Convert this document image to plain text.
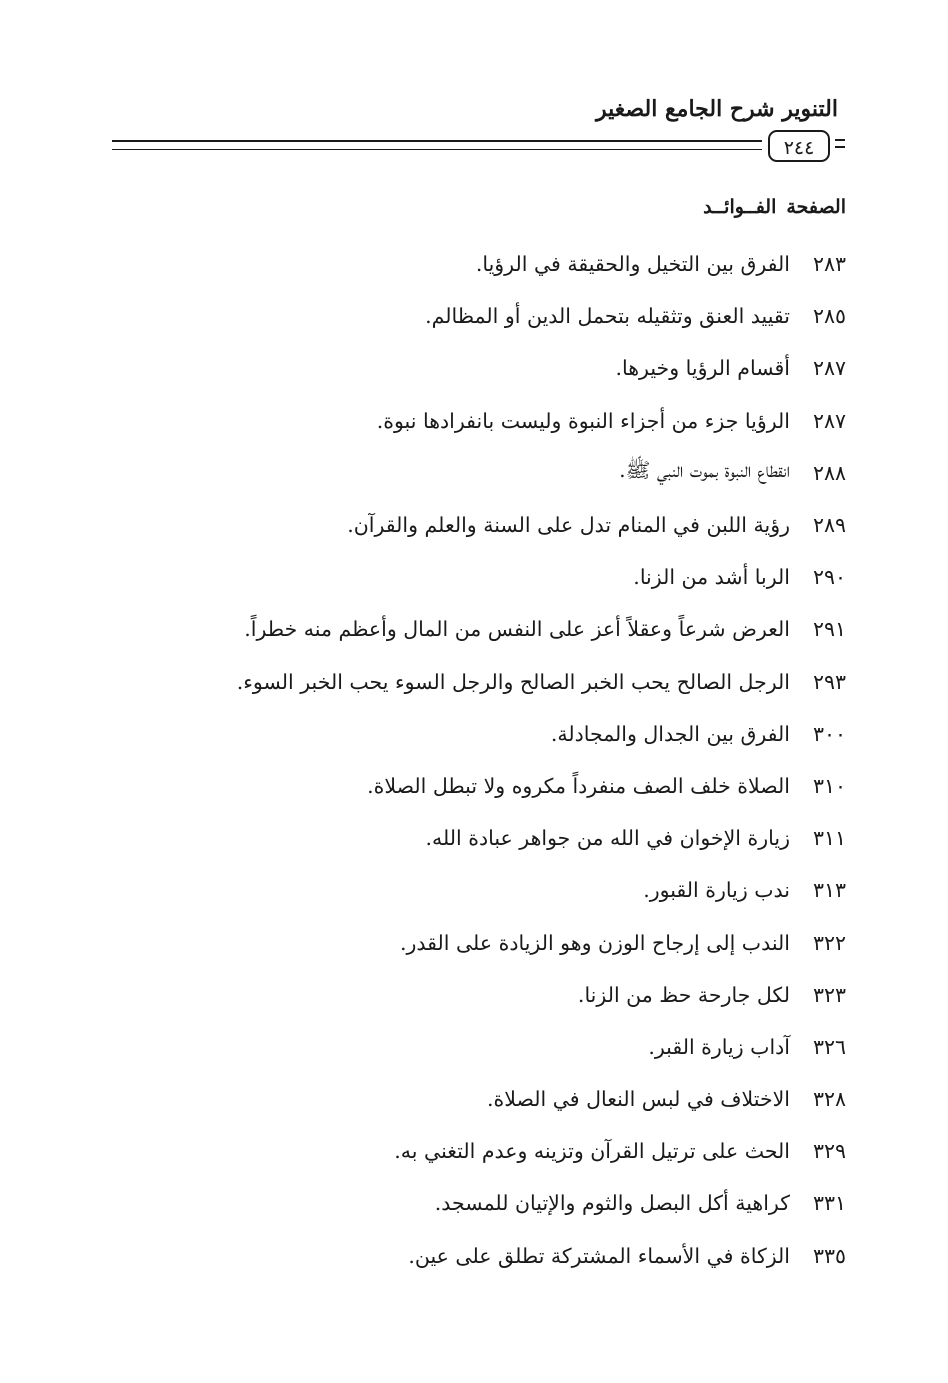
التنوير شرح الجامع الصغير
٢٤٤
الصفحةالفــوائــد
٢٨٣
الفرق بين التخيل والحقيقة في الرؤيا.
٢٨٥
تقييد العنق وتثقيله بتحمل الدين أو المظالم.
٢٨٧
أقسام الرؤيا وخيرها.
٢٨٧
الرؤيا جزء من أجزاء النبوة وليست بانفرادها نبوة.
٢٨٨
انقطاع النبوة بموت النبي ﷺ.
٢٨٩
رؤية اللبن في المنام تدل على السنة والعلم والقرآن.
٢٩٠
الربا أشد من الزنا.
٢٩١
العرض شرعاً وعقلاً أعز على النفس من المال وأعظم منه خطراً.
٢٩٣
الرجل الصالح يحب الخبر الصالح والرجل السوء يحب الخبر السوء.
٣٠٠
الفرق بين الجدال والمجادلة.
٣١٠
الصلاة خلف الصف منفرداً مكروه ولا تبطل الصلاة.
٣١١
زيارة الإخوان في الله من جواهر عبادة الله.
٣١٣
ندب زيارة القبور.
٣٢٢
الندب إلى إرجاح الوزن وهو الزيادة على القدر.
٣٢٣
لكل جارحة حظ من الزنا.
٣٢٦
آداب زيارة القبر.
٣٢٨
الاختلاف في لبس النعال في الصلاة.
٣٢٩
الحث على ترتيل القرآن وتزينه وعدم التغني به.
٣٣١
كراهية أكل البصل والثوم والإتيان للمسجد.
٣٣٥
الزكاة في الأسماء المشتركة تطلق على عين.
